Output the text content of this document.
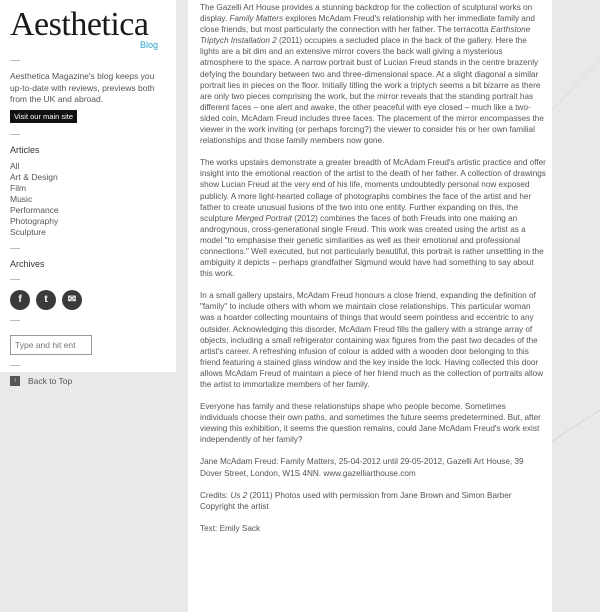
Aesthetica
Blog
Aesthetica Magazine's blog keeps you up-to-date with reviews, previews both from the UK and abroad.
Visit our main site
Articles
All
Art & Design
Film
Music
Performance
Photography
Sculpture
Archives
f	t	✉
Type and hit ent
↑	Back to Top

The Gazelli Art House provides a stunning backdrop for the collection of sculptural works on display. Family Matters explores McAdam Freud's relationship with her immediate family and close friends, but most particularly the connection with her father. The terracotta Earthstone Triptych Installation 2 (2011) occupies a secluded place in the back of the gallery. Here the lights are a bit dim and an extensive mirror covers the back wall giving a mysterious atmosphere to the space. A narrow portrait bust of Lucian Freud stands in the centre brazenly defying the boundary between two and three-dimensional space. At a slight diagonal a similar portrait lies in pieces on the floor. Initially titling the work a triptych seems a bit bizarre as there are only two pieces comprising the work, but the mirror reveals that the standing portrait has different faces – one alert and awake, the other peaceful with eye closed – much like a two-sided coin, McAdam Freud includes three faces. The placement of the mirror encompasses the viewer in the work inviting (or perhaps forcing?) the viewer to consider his or her own familial relationships and those family members now gone.

The works upstairs demonstrate a greater breadth of McAdam Freud's artistic practice and offer insight into the emotional reaction of the artist to the death of her father. A collection of drawings show Lucian Freud at the very end of his life, moments undoubtedly personal now exposed publicly. A more light-hearted collage of photographs combines the face of the artist and her father to create unusual fusions of the two into one entity. Further expanding on this, the sculpture Merged Portrait (2012) combines the faces of both Freuds into one making an androgynous, cross-generational single Freud. This work was created using the artist as a model "to emphasise their genetic similarities as well as their emotional and professional connections." Well executed, but not particularly beautiful, this portrait is rather unsettling in the ambiguity it depicts – perhaps grandfather Sigmund would have had something to say about this work.

In a small gallery upstairs, McAdam Freud honours a close friend, expanding the definition of "family" to include others with whom we maintain close relationships. This particular woman was a hoarder collecting mountains of things that would seem pointless and eccentric to any outsider. Acknowledging this disorder, McAdam Freud fills the gallery with a strange array of objects, including a small refrigerator containing wax figures from the past two decades of the artist's career. A refreshing infusion of colour is added with a wooden door belonging to this friend featuring a stained glass window and the key inside the lock. Having collected this door allows McAdam Freud of maintain a piece of her friend much as the collection of portraits allow the artist to immortalize members of her family.

Everyone has family and these relationships shape who people become. Sometimes individuals choose their own paths, and sometimes the future seems predetermined. But, after viewing this exhibition, it seems the question remains, could Jane McAdam Freud's work exist independently of her family?

Jane McAdam Freud: Family Matters, 25-04-2012 until 29-05-2012, Gazelli Art House, 39 Dover Street, London, W1S 4NN. www.gazelliarthouse.com

Credits: Us 2 (2011) Photos used with permission from Jane Brown and Simon Barber Copyright the artist

Text: Emily Sack
